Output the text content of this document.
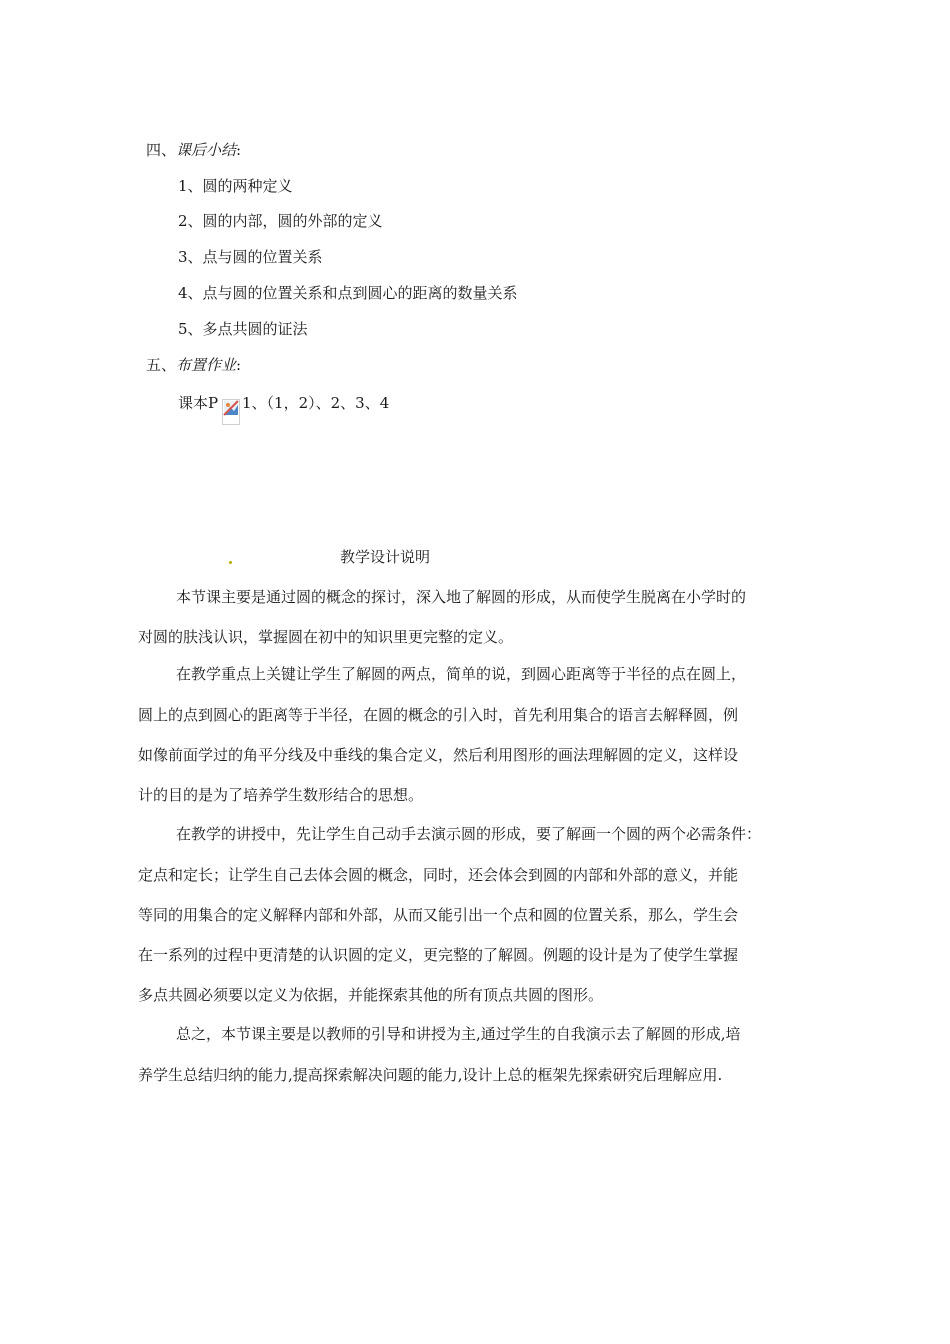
四、课后小结:
1、圆的两种定义
2、圆的内部，圆的外部的定义
3、点与圆的位置关系
4、点与圆的位置关系和点到圆心的距离的数量关系
5、多点共圆的证法
五、布置作业:
课本P 1、（1，2）、2、3、4
教学设计说明
本节课主要是通过圆的概念的探讨，深入地了解圆的形成，从而使学生脱离在小学时的
对圆的肤浅认识，掌握圆在初中的知识里更完整的定义。
在教学重点上关键让学生了解圆的两点，简单的说，到圆心距离等于半径的点在圆上，
圆上的点到圆心的距离等于半径，在圆的概念的引入时，首先利用集合的语言去解释圆，例
如像前面学过的角平分线及中垂线的集合定义，然后利用图形的画法理解圆的定义，这样设
计的目的是为了培养学生数形结合的思想。
在教学的讲授中，先让学生自己动手去演示圆的形成，要了解画一个圆的两个必需条件：
定点和定长；让学生自己去体会圆的概念，同时，还会体会到圆的内部和外部的意义，并能
等同的用集合的定义解释内部和外部，从而又能引出一个点和圆的位置关系，那么，学生会
在一系列的过程中更清楚的认识圆的定义，更完整的了解圆。例题的设计是为了使学生掌握
多点共圆必须要以定义为依据，并能探索其他的所有顶点共圆的图形。
总之，本节课主要是以教师的引导和讲授为主,通过学生的自我演示去了解圆的形成,培
养学生总结归纳的能力,提高探索解决问题的能力,设计上总的框架先探索研究后理解应用.
